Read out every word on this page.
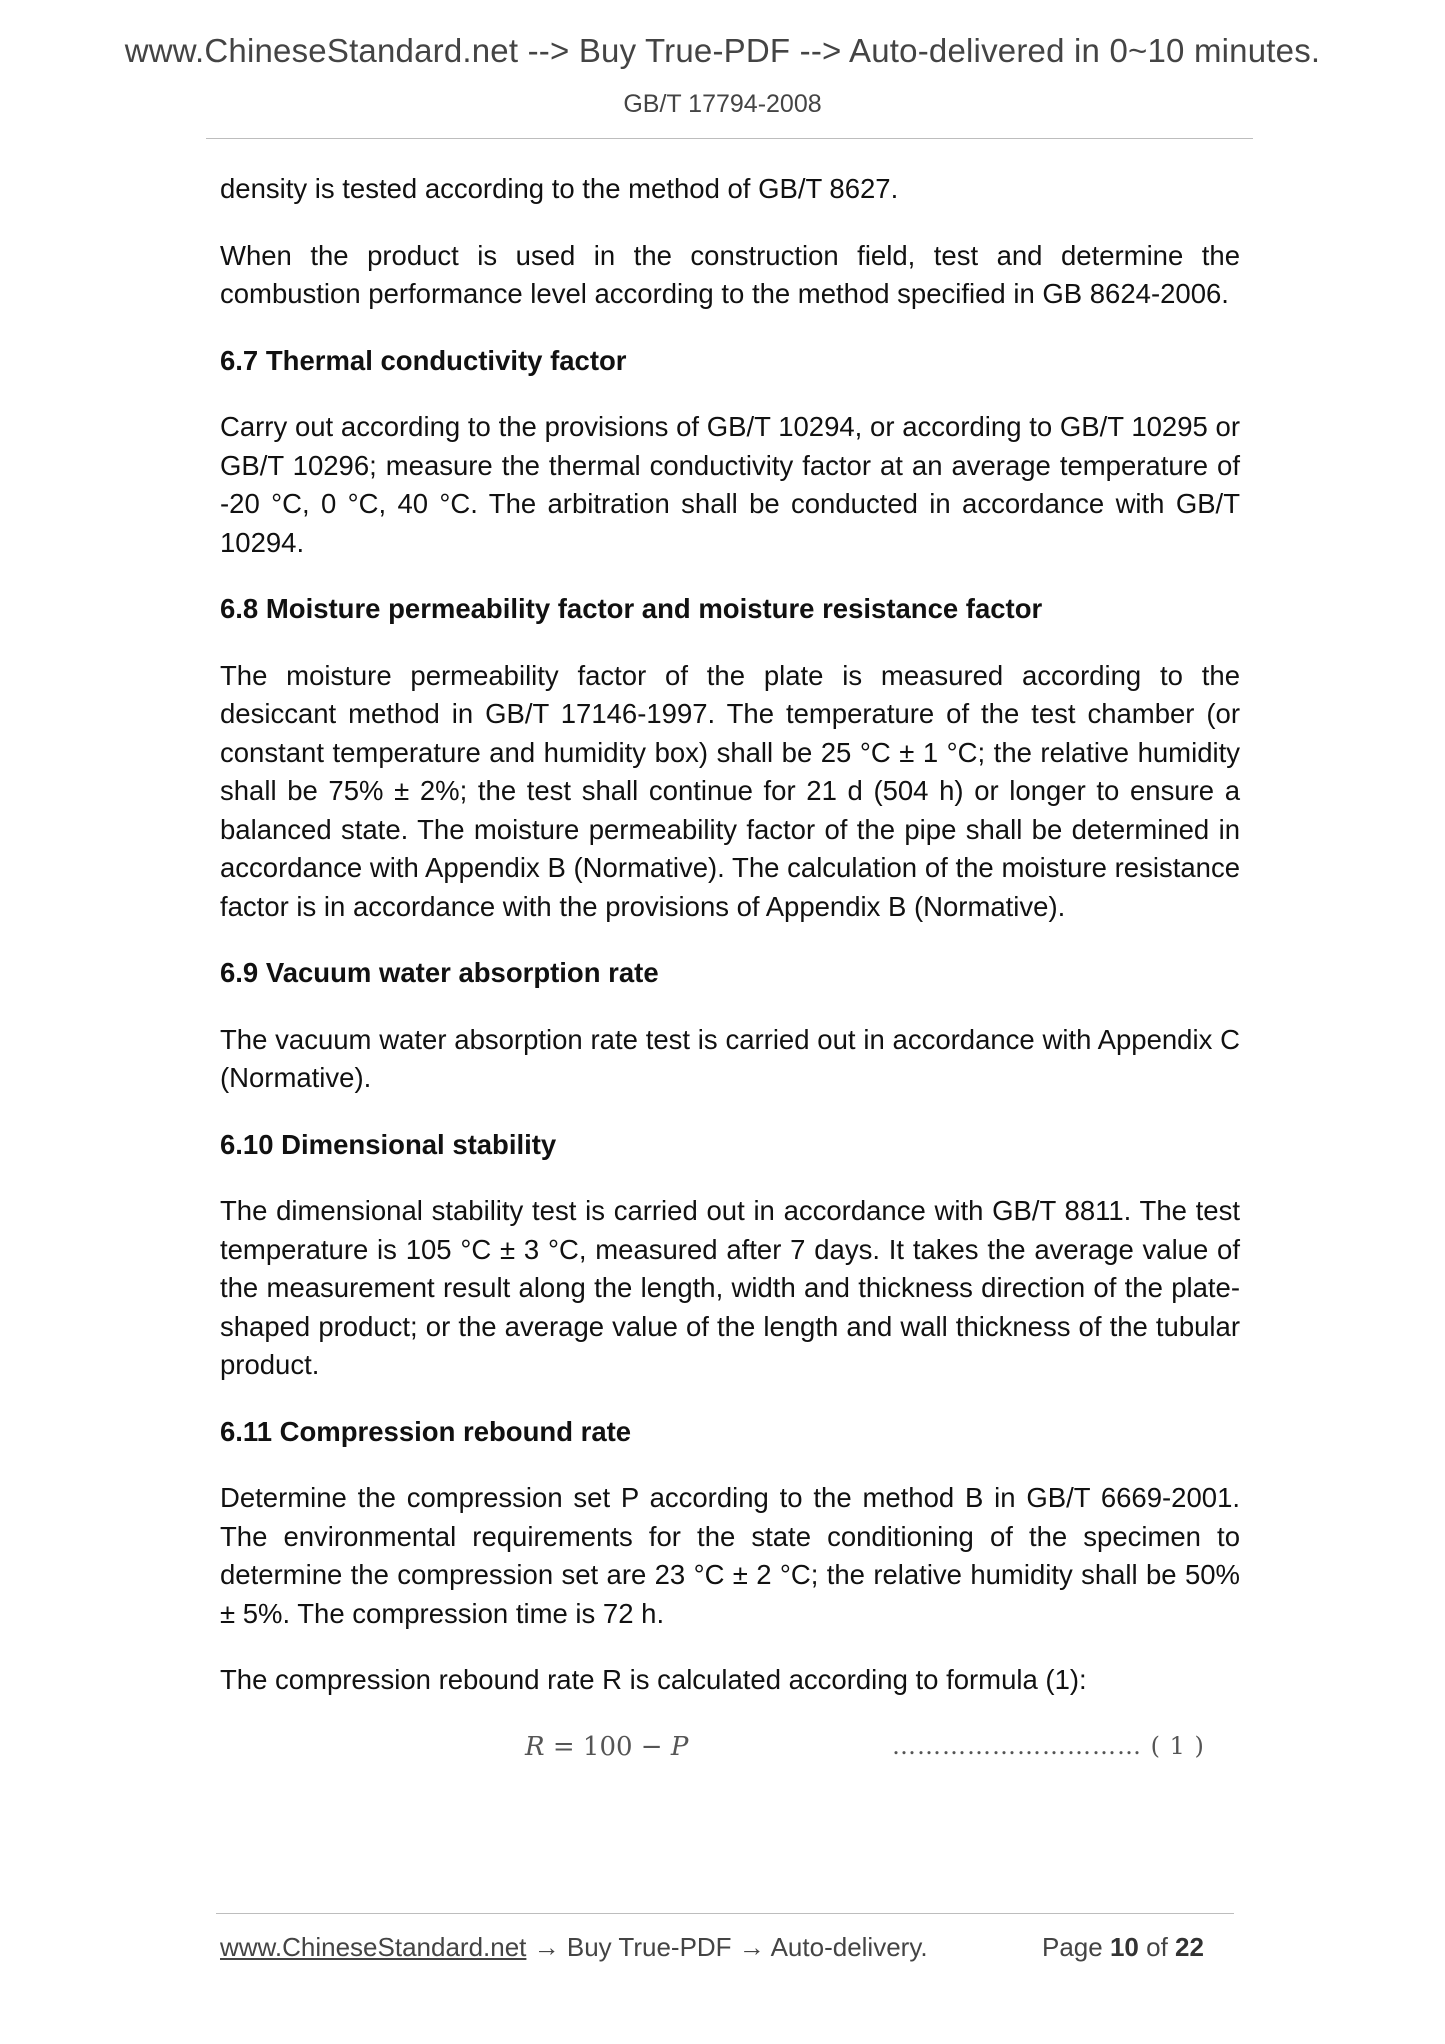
www.ChineseStandard.net --> Buy True-PDF --> Auto-delivered in 0~10 minutes.
GB/T 17794-2008

density is tested according to the method of GB/T 8627.

When the product is used in the construction field, test and determine the combustion performance level according to the method specified in GB 8624-2006.

6.7 Thermal conductivity factor

Carry out according to the provisions of GB/T 10294, or according to GB/T 10295 or GB/T 10296; measure the thermal conductivity factor at an average temperature of -20 °C, 0 °C, 40 °C. The arbitration shall be conducted in accordance with GB/T 10294.

6.8 Moisture permeability factor and moisture resistance factor

The moisture permeability factor of the plate is measured according to the desiccant method in GB/T 17146-1997. The temperature of the test chamber (or constant temperature and humidity box) shall be 25 °C ± 1 °C; the relative humidity shall be 75% ± 2%; the test shall continue for 21 d (504 h) or longer to ensure a balanced state. The moisture permeability factor of the pipe shall be determined in accordance with Appendix B (Normative). The calculation of the moisture resistance factor is in accordance with the provisions of Appendix B (Normative).

6.9 Vacuum water absorption rate

The vacuum water absorption rate test is carried out in accordance with Appendix C (Normative).

6.10 Dimensional stability

The dimensional stability test is carried out in accordance with GB/T 8811. The test temperature is 105 °C ± 3 °C, measured after 7 days. It takes the average value of the measurement result along the length, width and thickness direction of the plate-shaped product; or the average value of the length and wall thickness of the tubular product.

6.11 Compression rebound rate

Determine the compression set P according to the method B in GB/T 6669-2001. The environmental requirements for the state conditioning of the specimen to determine the compression set are 23 °C ± 2 °C; the relative humidity shall be 50% ± 5%. The compression time is 72 h.

The compression rebound rate R is calculated according to formula (1):

R = 100 − P	………………………… ( 1 )
www.ChineseStandard.net → Buy True-PDF → Auto-delivery.	Page 10 of 22
